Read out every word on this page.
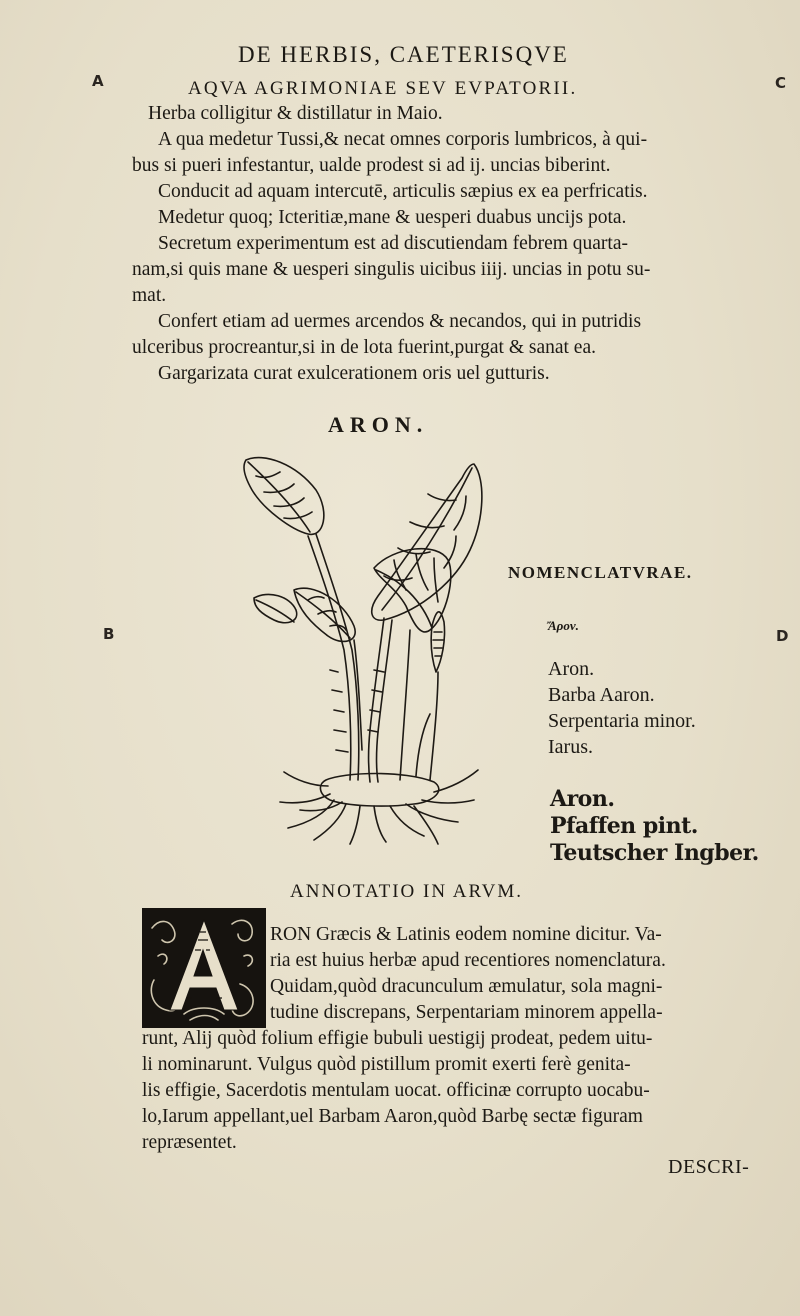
DE HERBIS, CAETERISQVE
A	C
B	D
AQVA AGRIMONIAE SEV EVPATORII.
Herba colligitur & distillatur in Maio.
A qua medetur Tussi,& necat omnes corporis lumbricos, à qui-
bus si pueri infestantur, ualde prodest si ad ij. uncias biberint.
Conducit ad aquam intercutē, articulis sæpius ex ea perfricatis.
Medetur quoq; Icteritiæ,mane & uesperi duabus uncijs pota.
Secretum experimentum est ad discutiendam febrem quarta-
nam,si quis mane & uesperi singulis uicibus iiij. uncias in potu su-
mat.
Confert etiam ad uermes arcendos & necandos, qui in putridis
ulceribus procreantur,si in de lota fuerint,purgat & sanat ea.
Gargarizata curat exulcerationem oris uel gutturis.
ARON.
NOMENCLATVRAE.
Ἄρον.
Aron.
Barba Aaron.
Serpentaria minor.
Iarus.
Aron.
Pfaffen pint.
Teutscher Ingber.
ANNOTATIO IN ARVM.
RON Græcis & Latinis eodem nomine dicitur. Va-
ria est huius herbæ apud recentiores nomenclatura.
Quidam,quòd dracunculum æmulatur, sola magni-
tudine discrepans, Serpentariam minorem appella-
runt, Alij quòd folium effigie bubuli uestigij prodeat, pedem uitu-
li nominarunt. Vulgus quòd pistillum promit exerti ferè genita-
lis effigie, Sacerdotis mentulam uocat. officinæ corrupto uocabu-
lo,Iarum appellant,uel Barbam Aaron,quòd Barbę sectæ figuram
repræsentet.
DESCRI-
